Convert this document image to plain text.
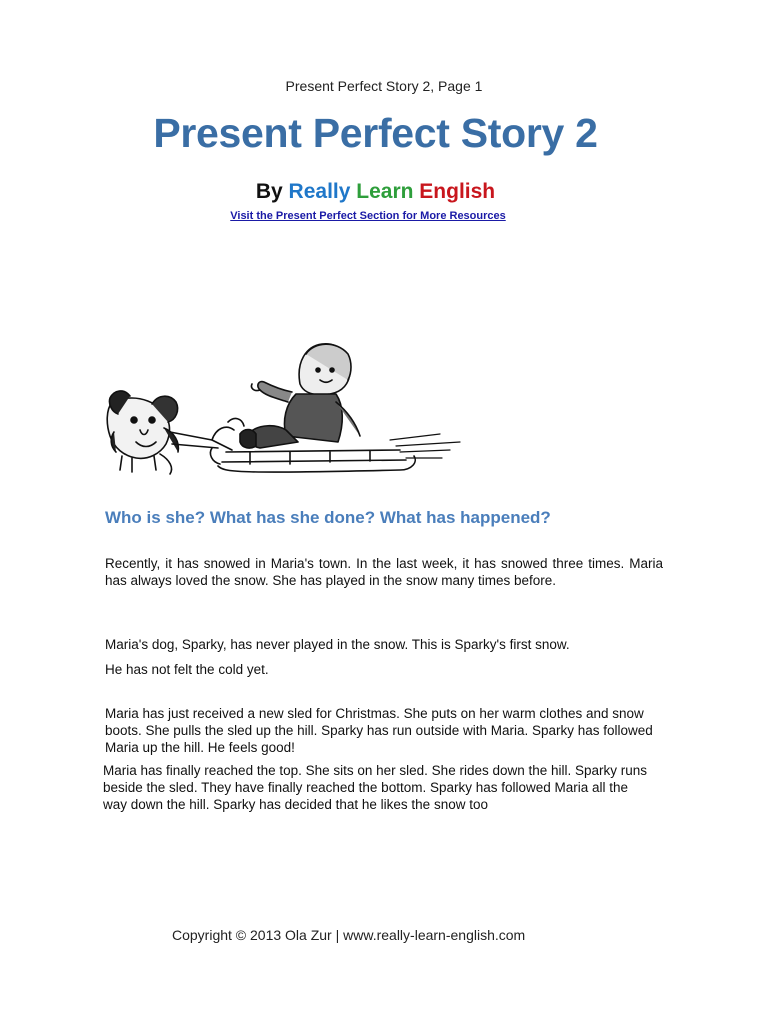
Present Perfect Story 2, Page 1
Present Perfect Story 2
By Really Learn English
Visit the Present Perfect Section for More Resources
Who is she? What has she done? What has happened?

Recently, it has snowed in Maria's town. In the last week, it has snowed three times. Maria has always loved the snow. She has played in the snow many times before.

Maria's dog, Sparky, has never played in the snow. This is Sparky's first snow.

He has not felt the cold yet.

Maria has just received a new sled for Christmas. She puts on her warm clothes and snow boots. She pulls the sled up the hill. Sparky has run outside with Maria. Sparky has followed Maria up the hill. He feels good!

Maria has finally reached the top. She sits on her sled. She rides down the hill. Sparky runs beside the sled. They have finally reached the bottom. Sparky has followed Maria all the way down the hill. Sparky has decided that he likes the snow too

Copyright © 2013 Ola Zur | www.really-learn-english.com
